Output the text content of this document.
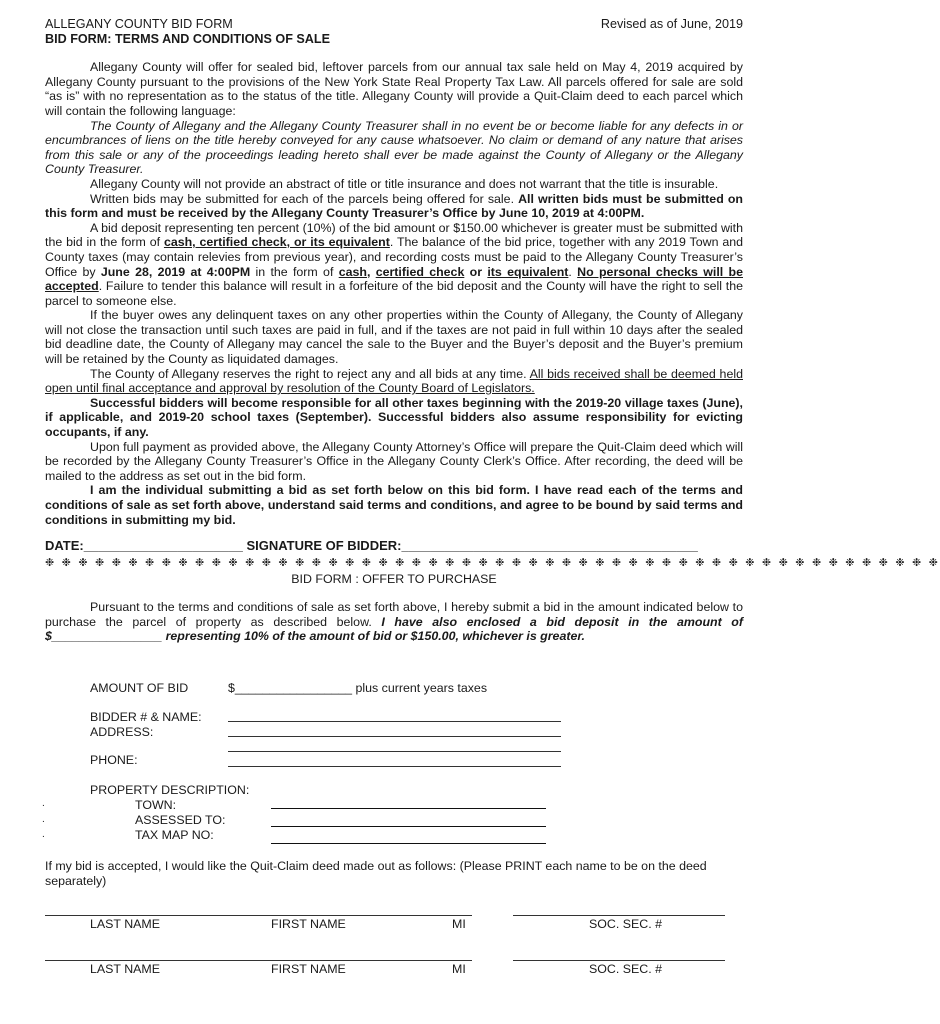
ALLEGANY COUNTY BID FORM	Revised as of June, 2019
BID FORM: TERMS AND CONDITIONS OF SALE

Allegany County will offer for sealed bid, leftover parcels from our annual tax sale held on May 4, 2019 acquired by Allegany County pursuant to the provisions of the New York State Real Property Tax Law. All parcels offered for sale are sold “as is” with no representation as to the status of the title. Allegany County will provide a Quit-Claim deed to each parcel which will contain the following language:

The County of Allegany and the Allegany County Treasurer shall in no event be or become liable for any defects in or encumbrances of liens on the title hereby conveyed for any cause whatsoever. No claim or demand of any nature that arises from this sale or any of the proceedings leading hereto shall ever be made against the County of Allegany or the Allegany County Treasurer.

Allegany County will not provide an abstract of title or title insurance and does not warrant that the title is insurable.

Written bids may be submitted for each of the parcels being offered for sale. All written bids must be submitted on this form and must be received by the Allegany County Treasurer’s Office by June 10, 2019 at 4:00PM.

A bid deposit representing ten percent (10%) of the bid amount or $150.00 whichever is greater must be submitted with the bid in the form of cash, certified check, or its equivalent. The balance of the bid price, together with any 2019 Town and County taxes (may contain relevies from previous year), and recording costs must be paid to the Allegany County Treasurer’s Office by June 28, 2019 at 4:00PM in the form of cash, certified check or its equivalent. No personal checks will be accepted. Failure to tender this balance will result in a forfeiture of the bid deposit and the County will have the right to sell the parcel to someone else.

If the buyer owes any delinquent taxes on any other properties within the County of Allegany, the County of Allegany will not close the transaction until such taxes are paid in full, and if the taxes are not paid in full within 10 days after the sealed bid deadline date, the County of Allegany may cancel the sale to the Buyer and the Buyer’s deposit and the Buyer’s premium will be retained by the County as liquidated damages.

The County of Allegany reserves the right to reject any and all bids at any time. All bids received shall be deemed held open until final acceptance and approval by resolution of the County Board of Legislators.

Successful bidders will become responsible for all other taxes beginning with the 2019-20 village taxes (June), if applicable, and 2019-20 school taxes (September). Successful bidders also assume responsibility for evicting occupants, if any.

Upon full payment as provided above, the Allegany County Attorney’s Office will prepare the Quit-Claim deed which will be recorded by the Allegany County Treasurer’s Office in the Allegany County Clerk’s Office. After recording, the deed will be mailed to the address as set out in the bid form.

I am the individual submitting a bid as set forth below on this bid form. I have read each of the terms and conditions of sale as set forth above, understand said terms and conditions, and agree to be bound by said terms and conditions in submitting my bid.

DATE:______________________ SIGNATURE OF BIDDER:_________________________________________
❉ ❉ ❉ ❉ ❉ ❉ ❉ ❉ ❉ ❉ ❉ ❉ ❉ ❉ ❉ ❉ ❉ ❉ ❉ ❉ ❉ ❉ ❉ ❉ ❉ ❉ ❉ ❉ ❉ ❉ ❉ ❉ ❉ ❉ ❉ ❉ ❉ ❉ ❉ ❉ ❉ ❉ ❉ ❉ ❉ ❉ ❉ ❉ ❉ ❉ ❉ ❉ ❉ ❉
BID FORM : OFFER TO PURCHASE

Pursuant to the terms and conditions of sale as set forth above, I hereby submit a bid in the amount indicated below to purchase the parcel of property as described below. I have also enclosed a bid deposit in the amount of $________________ representing 10% of the amount of bid or $150.00, whichever is greater.

AMOUNT OF BID	$_________________ plus current years taxes
BIDDER # & NAME:
ADDRESS:
PHONE:
PROPERTY DESCRIPTION:
.	TOWN:
.	ASSESSED TO:
.	TAX MAP NO:
If my bid is accepted, I would like the Quit-Claim deed made out as follows: (Please PRINT each name to be on the deed separately)
LAST NAME	FIRST NAME	MI	SOC. SEC. #
LAST NAME	FIRST NAME	MI	SOC. SEC. #
